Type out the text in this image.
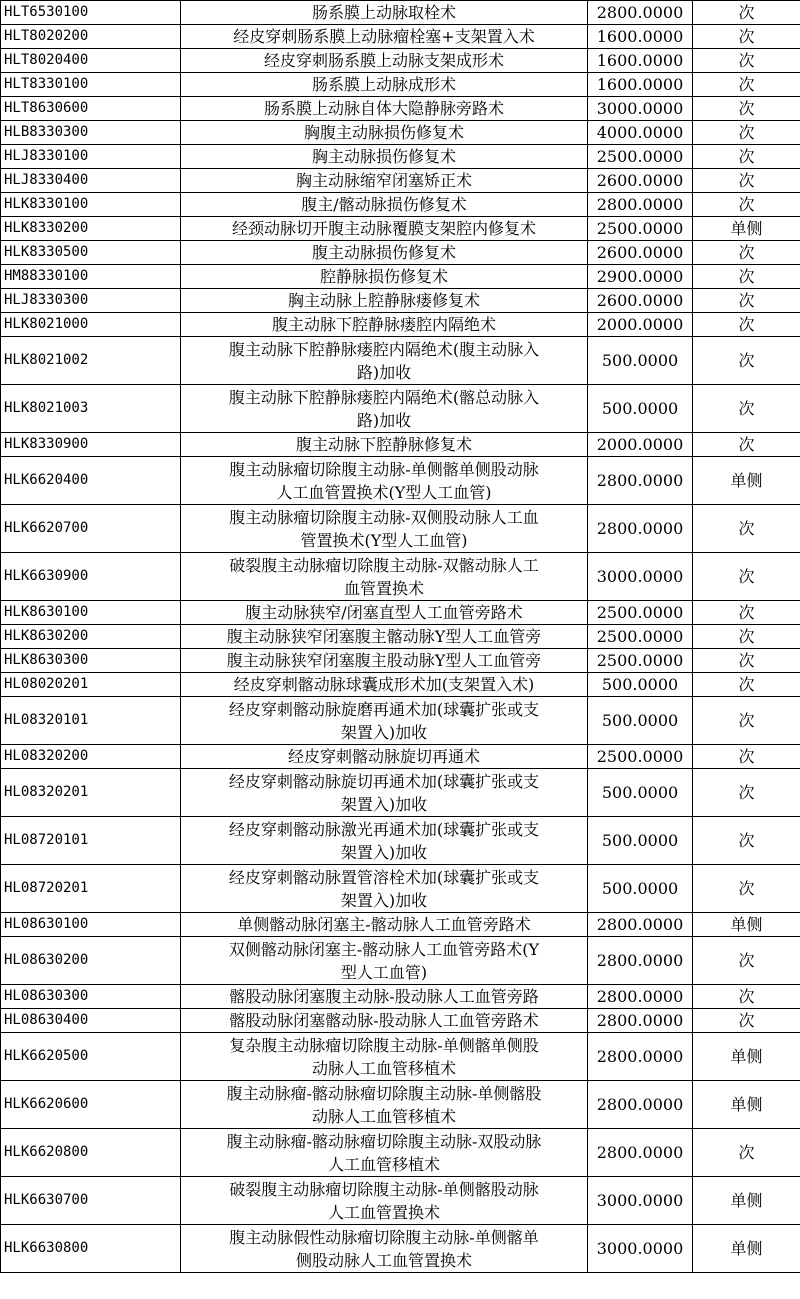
HLT6530100	肠系膜上动脉取栓术	2800.0000	次
HLT8020200	经皮穿刺肠系膜上动脉瘤栓塞+支架置入术	1600.0000	次
HLT8020400	经皮穿刺肠系膜上动脉支架成形术	1600.0000	次
HLT8330100	肠系膜上动脉成形术	1600.0000	次
HLT8630600	肠系膜上动脉自体大隐静脉旁路术	3000.0000	次
HLB8330300	胸腹主动脉损伤修复术	4000.0000	次
HLJ8330100	胸主动脉损伤修复术	2500.0000	次
HLJ8330400	胸主动脉缩窄闭塞矫正术	2600.0000	次
HLK8330100	腹主/髂动脉损伤修复术	2800.0000	次
HLK8330200	经颈动脉切开腹主动脉覆膜支架腔内修复术	2500.0000	单侧
HLK8330500	腹主动脉损伤修复术	2600.0000	次
HM88330100	腔静脉损伤修复术	2900.0000	次
HLJ8330300	胸主动脉上腔静脉瘘修复术	2600.0000	次
HLK8021000	腹主动脉下腔静脉瘘腔内隔绝术	2000.0000	次
HLK8021002	腹主动脉下腔静脉瘘腔内隔绝术(腹主动脉入
路)加收	500.0000	次
HLK8021003	腹主动脉下腔静脉瘘腔内隔绝术(髂总动脉入
路)加收	500.0000	次
HLK8330900	腹主动脉下腔静脉修复术	2000.0000	次
HLK6620400	腹主动脉瘤切除腹主动脉-单侧髂单侧股动脉
人工血管置换术(Y型人工血管)	2800.0000	单侧
HLK6620700	腹主动脉瘤切除腹主动脉-双侧股动脉人工血
管置换术(Y型人工血管)	2800.0000	次
HLK6630900	破裂腹主动脉瘤切除腹主动脉-双髂动脉人工
血管置换术	3000.0000	次
HLK8630100	腹主动脉狭窄/闭塞直型人工血管旁路术	2500.0000	次
HLK8630200	腹主动脉狭窄闭塞腹主髂动脉Y型人工血管旁	2500.0000	次
HLK8630300	腹主动脉狭窄闭塞腹主股动脉Y型人工血管旁	2500.0000	次
HL08020201	经皮穿刺髂动脉球囊成形术加(支架置入术)	500.0000	次
HL08320101	经皮穿刺髂动脉旋磨再通术加(球囊扩张或支
架置入)加收	500.0000	次
HL08320200	经皮穿刺髂动脉旋切再通术	2500.0000	次
HL08320201	经皮穿刺髂动脉旋切再通术加(球囊扩张或支
架置入)加收	500.0000	次
HL08720101	经皮穿刺髂动脉激光再通术加(球囊扩张或支
架置入)加收	500.0000	次
HL08720201	经皮穿刺髂动脉置管溶栓术加(球囊扩张或支
架置入)加收	500.0000	次
HL08630100	单侧髂动脉闭塞主-髂动脉人工血管旁路术	2800.0000	单侧
HL08630200	双侧髂动脉闭塞主-髂动脉人工血管旁路术(Y
型人工血管)	2800.0000	次
HL08630300	髂股动脉闭塞腹主动脉-股动脉人工血管旁路	2800.0000	次
HL08630400	髂股动脉闭塞髂动脉-股动脉人工血管旁路术	2800.0000	次
HLK6620500	复杂腹主动脉瘤切除腹主动脉-单侧髂单侧股
动脉人工血管移植术	2800.0000	单侧
HLK6620600	腹主动脉瘤-髂动脉瘤切除腹主动脉-单侧髂股
动脉人工血管移植术	2800.0000	单侧
HLK6620800	腹主动脉瘤-髂动脉瘤切除腹主动脉-双股动脉
人工血管移植术	2800.0000	次
HLK6630700	破裂腹主动脉瘤切除腹主动脉-单侧髂股动脉
人工血管置换术	3000.0000	单侧
HLK6630800	腹主动脉假性动脉瘤切除腹主动脉-单侧髂单
侧股动脉人工血管置换术	3000.0000	单侧
